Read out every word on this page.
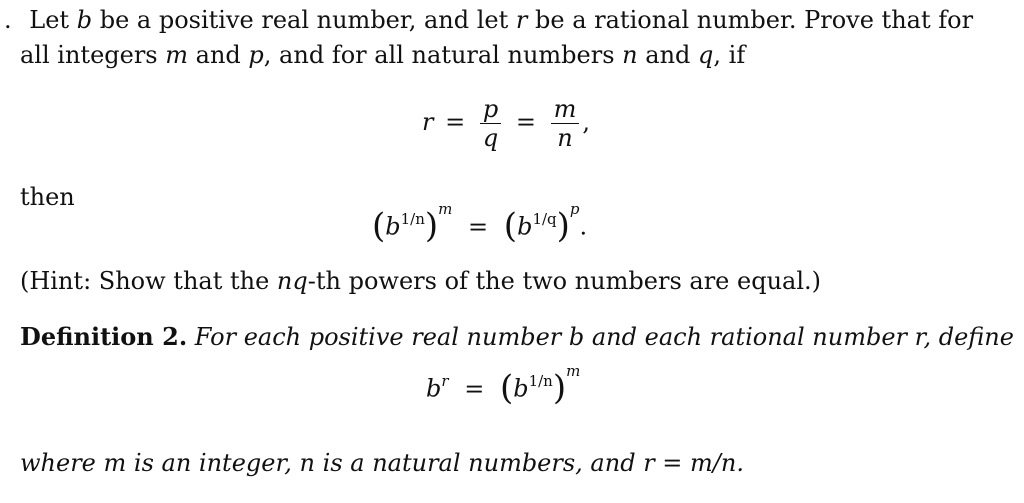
. Let b be a positive real number, and let r be a rational number. Prove that for
all integers m and p, and for all natural numbers n and q, if
$r = \frac{p}{q} = \frac{m}{n}$ ,
then
$(b^{1/n})^m = (b^{1/q})^p$.
(Hint: Show that the nq-th powers of the two numbers are equal.)
Definition 2. For each positive real number b and each rational number r, define
$b^r = (b^{1/n})^m$
where m is an integer, n is a natural numbers, and r = m/n.
